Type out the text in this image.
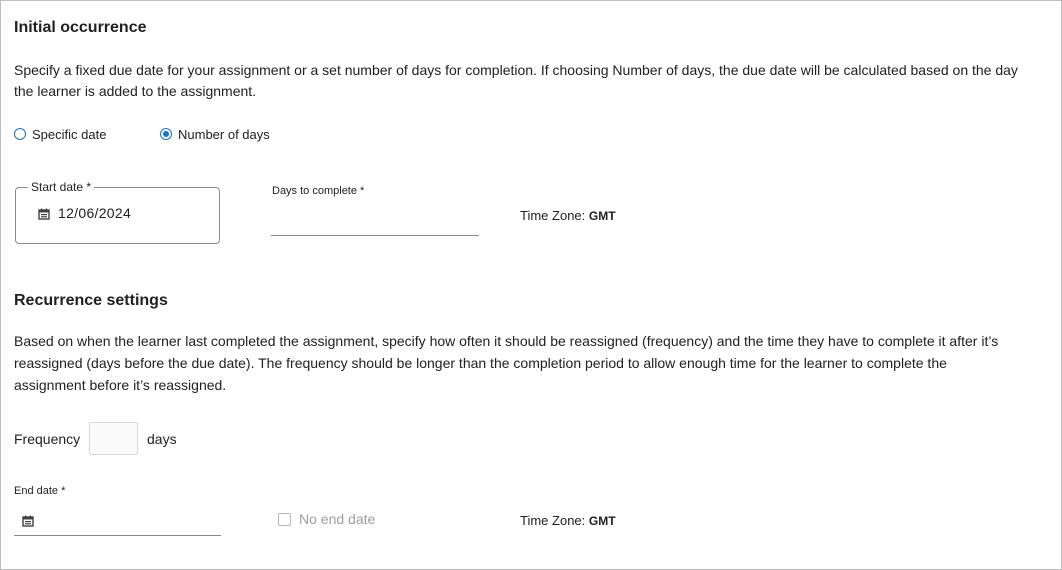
Initial occurrence
Specify a fixed due date for your assignment or a set number of days for completion. If choosing Number of days, the due date will be calculated based on the day
the learner is added to the assignment.
Specific date	Number of days
12/06/2024
Start date *	Days to complete *
Time Zone: GMT
Recurrence settings
Based on when the learner last completed the assignment, specify how often it should be reassigned (frequency) and the time they have to complete it after it’s
reassigned (days before the due date). The frequency should be longer than the completion period to allow enough time for the learner to complete the
assignment before it’s reassigned.
Frequency	days
End date *
No end date	Time Zone: GMT
